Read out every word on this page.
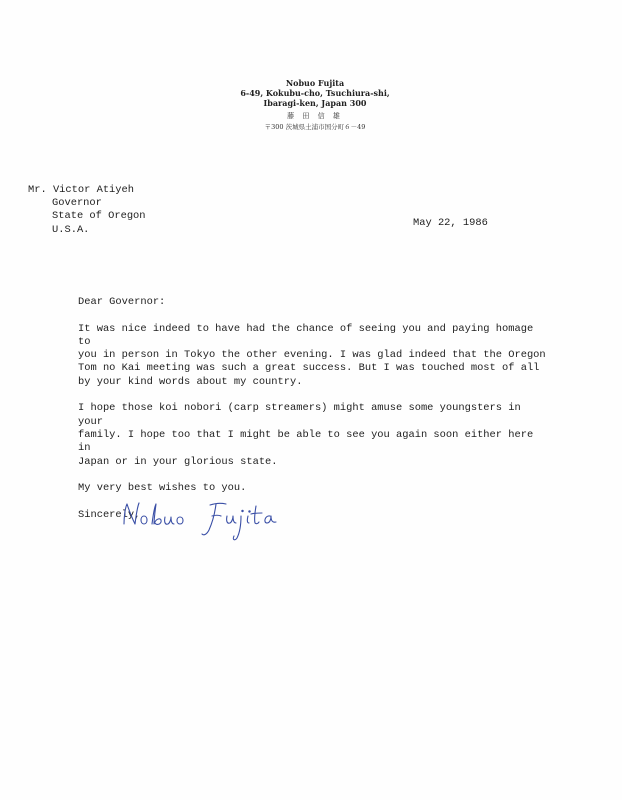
Nobuo Fujita
6-49, Kokubu-cho, Tsuchiura-shi,
Ibaragi-ken, Japan 300
藤 田 信 雄
〒300 茨城県土浦市国分町６－49
Mr. Victor Atiyeh
Governor
State of Oregon
U.S.A.
May 22, 1986

Dear Governor:

It was nice indeed to have had the chance of seeing you and paying homage to
you in person in Tokyo the other evening. I was glad indeed that the Oregon
Tom no Kai meeting was such a great success. But I was touched most of all
by your kind words about my country.

I hope those koi nobori (carp streamers) might amuse some youngsters in your
family. I hope too that I might be able to see you again soon either here in
Japan or in your glorious state.

My very best wishes to you.

Sincerely,
